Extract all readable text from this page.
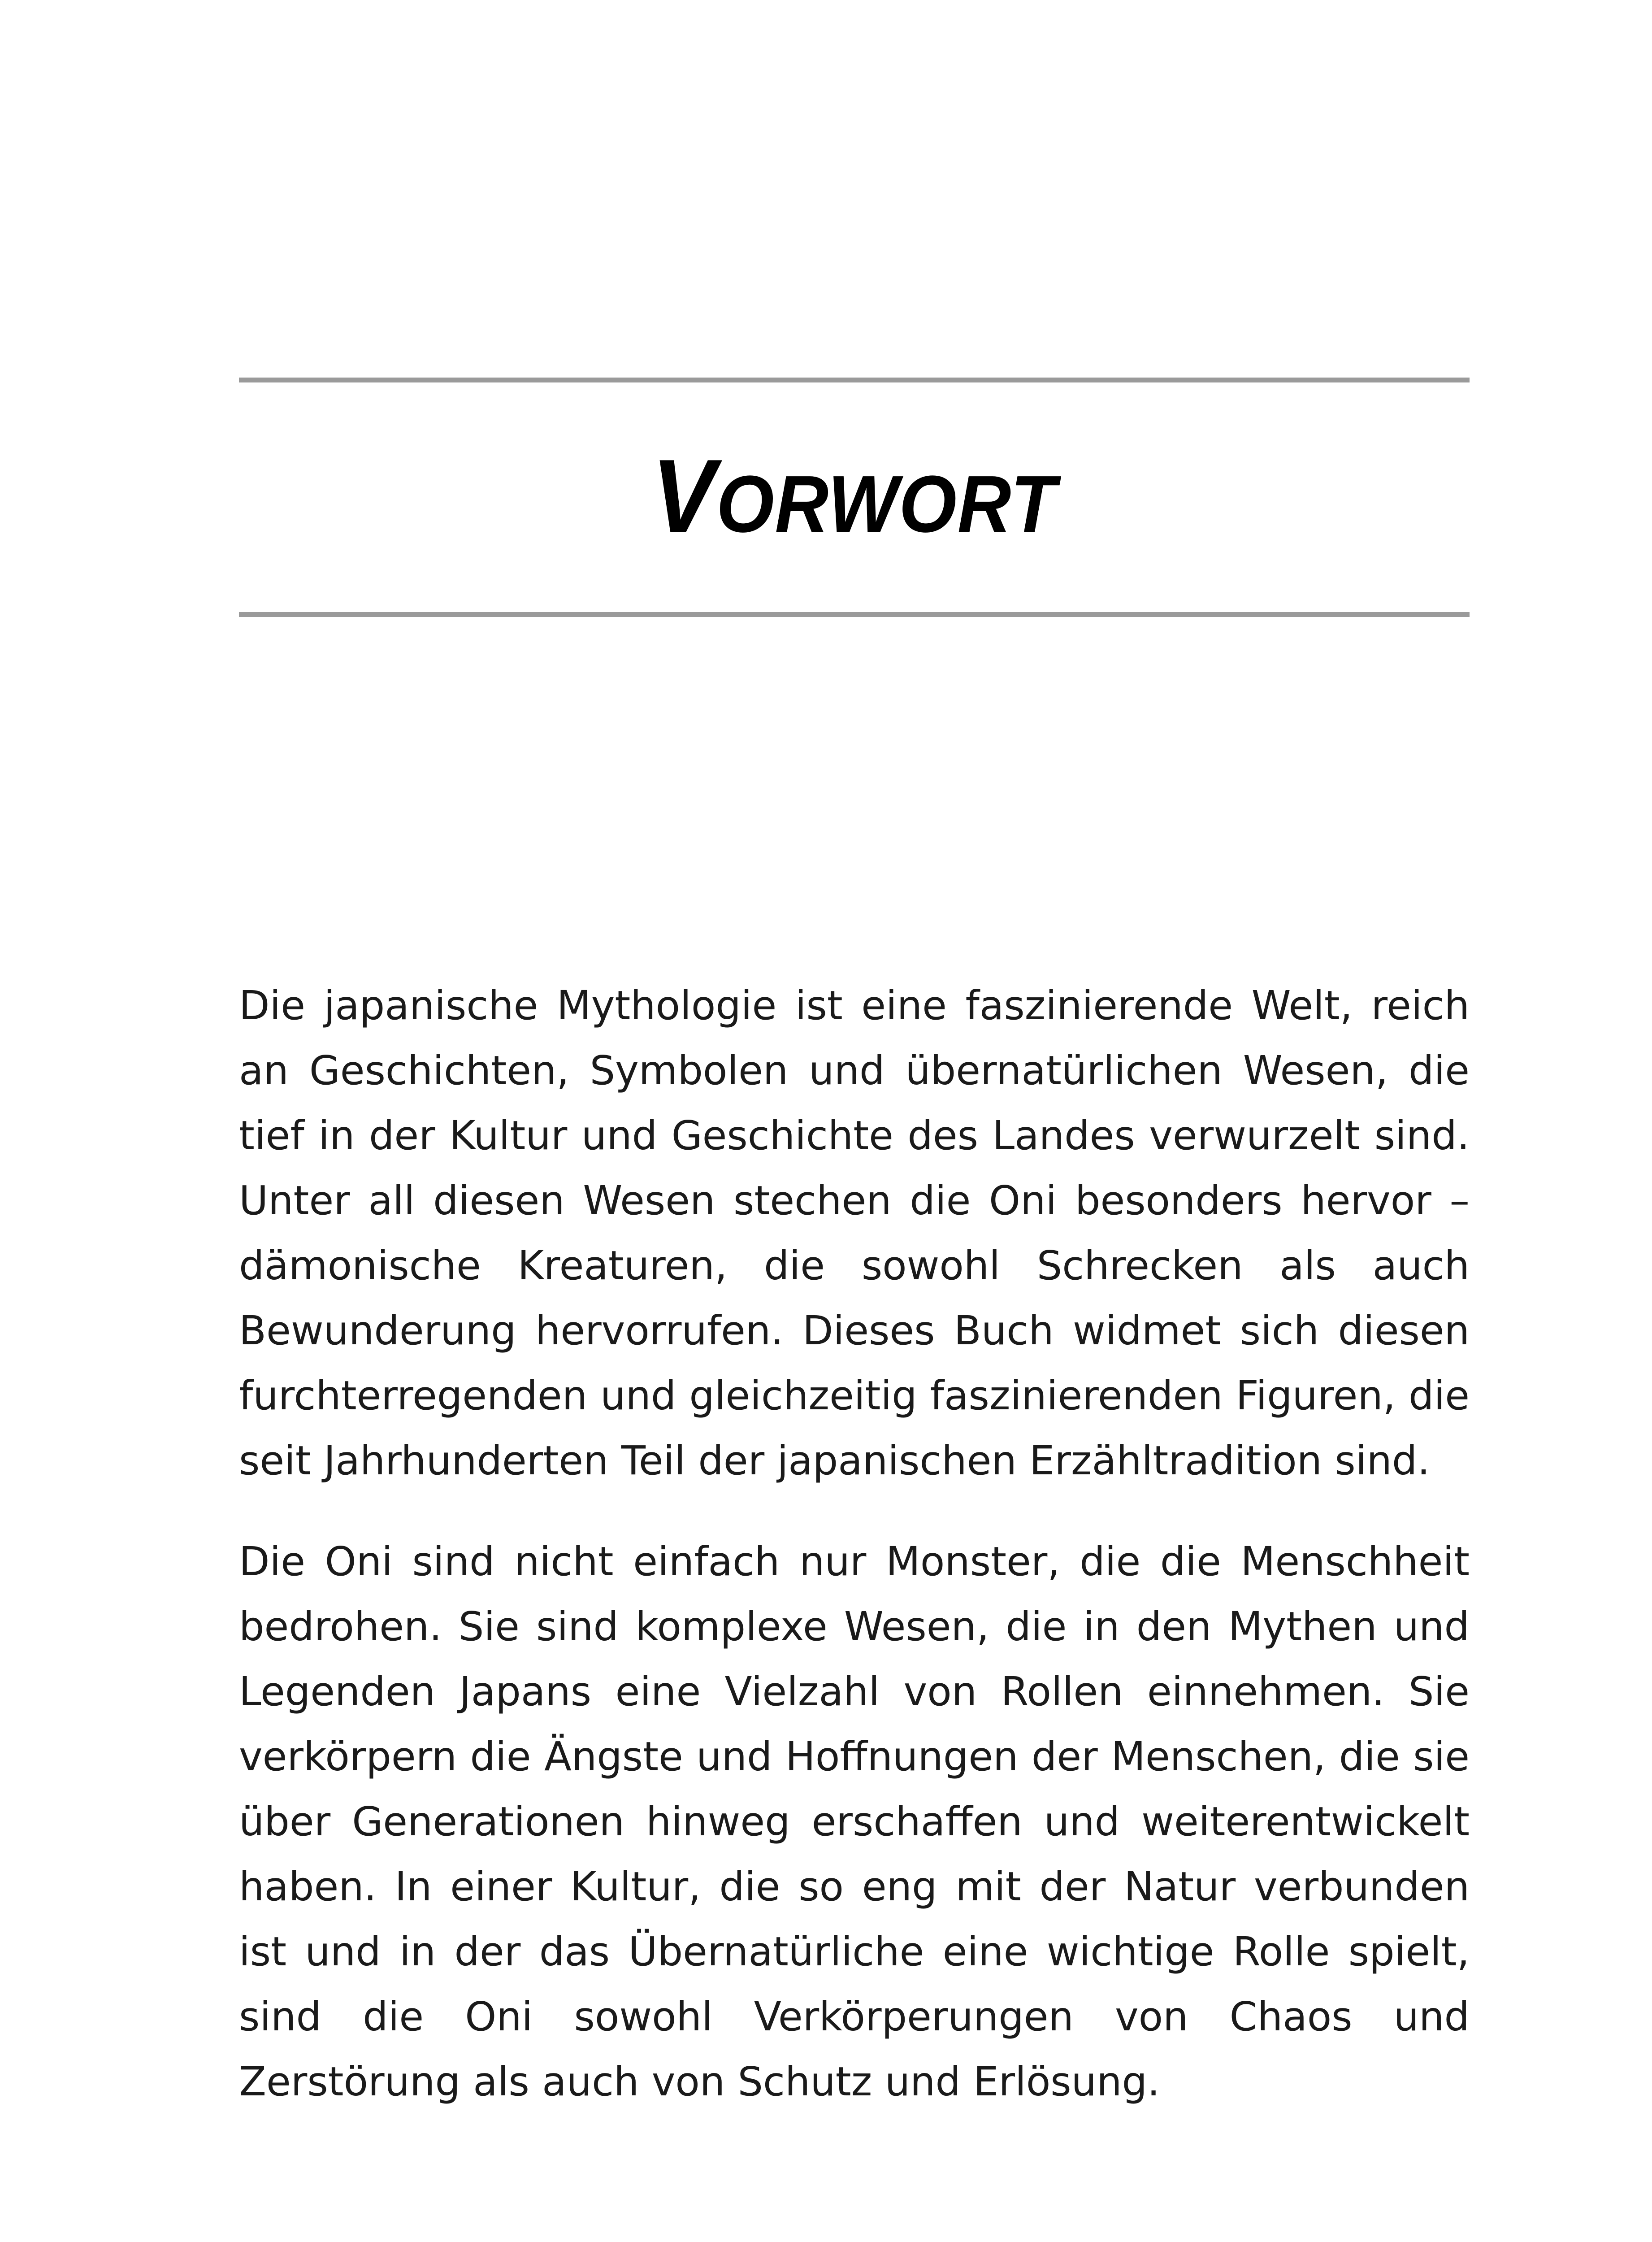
VORWORT

Die japanische Mythologie ist eine faszinierende Welt, reich an Geschichten, Symbolen und übernatürlichen Wesen, die tief in der Kultur und Geschichte des Landes verwurzelt sind. Unter all diesen Wesen stechen die Oni besonders hervor – dämonische Kreaturen, die sowohl Schrecken als auch Bewunderung hervorrufen. Dieses Buch widmet sich diesen furchterregenden und gleichzeitig faszinierenden Figuren, die seit Jahrhunderten Teil der japanischen Erzähltradition sind.

Die Oni sind nicht einfach nur Monster, die die Menschheit bedrohen. Sie sind komplexe Wesen, die in den Mythen und Legenden Japans eine Vielzahl von Rollen einnehmen. Sie verkörpern die Ängste und Hoffnungen der Menschen, die sie über Generationen hinweg erschaffen und weiterentwickelt haben. In einer Kultur, die so eng mit der Natur verbunden ist und in der das Übernatürliche eine wichtige Rolle spielt, sind die Oni sowohl Verkörperungen von Chaos und Zerstörung als auch von Schutz und Erlösung.
